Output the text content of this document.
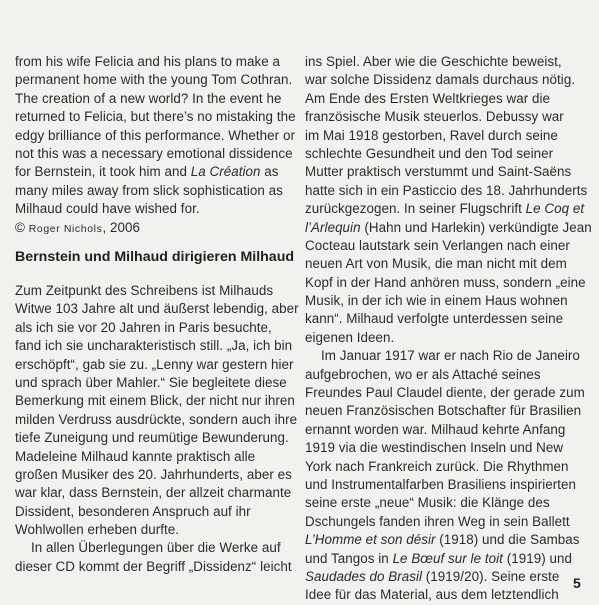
from his wife Felicia and his plans to make a
permanent home with the young Tom Cothran.
The creation of a new world? In the event he
returned to Felicia, but there’s no mistaking the
edgy brilliance of this performance. Whether or
not this was a necessary emotional dissidence
for Bernstein, it took him and La Création as
many miles away from slick sophistication as
Milhaud could have wished for.
© Roger Nichols, 2006
Bernstein und Milhaud dirigieren Milhaud
Zum Zeitpunkt des Schreibens ist Milhauds
Witwe 103 Jahre alt und äußerst lebendig, aber
als ich sie vor 20 Jahren in Paris besuchte,
fand ich sie uncharakteristisch still. „Ja, ich bin
erschöpft“, gab sie zu. „Lenny war gestern hier
und sprach über Mahler.“ Sie begleitete diese
Bemerkung mit einem Blick, der nicht nur ihren
milden Verdruss ausdrückte, sondern auch ihre
tiefe Zuneigung und reumütige Bewunderung.
Madeleine Milhaud kannte praktisch alle
großen Musiker des 20. Jahrhunderts, aber es
war klar, dass Bernstein, der allzeit charmante
Dissident, besonderen Anspruch auf ihr
Wohlwollen erheben durfte.
In allen Überlegungen über die Werke auf
dieser CD kommt der Begriff „Dissidenz“ leicht
ins Spiel. Aber wie die Geschichte beweist,
war solche Dissidenz damals durchaus nötig.
Am Ende des Ersten Weltkrieges war die
französische Musik steuerlos. Debussy war
im Mai 1918 gestorben, Ravel durch seine
schlechte Gesundheit und den Tod seiner
Mutter praktisch verstummt und Saint-Saëns
hatte sich in ein Pasticcio des 18. Jahrhunderts
zurückgezogen. In seiner Flugschrift Le Coq et
l’Arlequin (Hahn und Harlekin) verkündigte Jean
Cocteau lautstark sein Verlangen nach einer
neuen Art von Musik, die man nicht mit dem
Kopf in der Hand anhören muss, sondern „eine
Musik, in der ich wie in einem Haus wohnen
kann“. Milhaud verfolgte unterdessen seine
eigenen Ideen.
Im Januar 1917 war er nach Rio de Janeiro
aufgebrochen, wo er als Attaché seines
Freundes Paul Claudel diente, der gerade zum
neuen Französischen Botschafter für Brasilien
ernannt worden war. Milhaud kehrte Anfang
1919 via die westindischen Inseln und New
York nach Frankreich zurück. Die Rhythmen
und Instrumentalfarben Brasiliens inspirierten
seine erste „neue“ Musik: die Klänge des
Dschungels fanden ihren Weg in sein Ballett
L’Homme et son désir (1918) und die Sambas
und Tangos in Le Bœuf sur le toit (1919) und
Saudades do Brasil (1919/20). Seine erste
Idee für das Material, aus dem letztendlich
5
